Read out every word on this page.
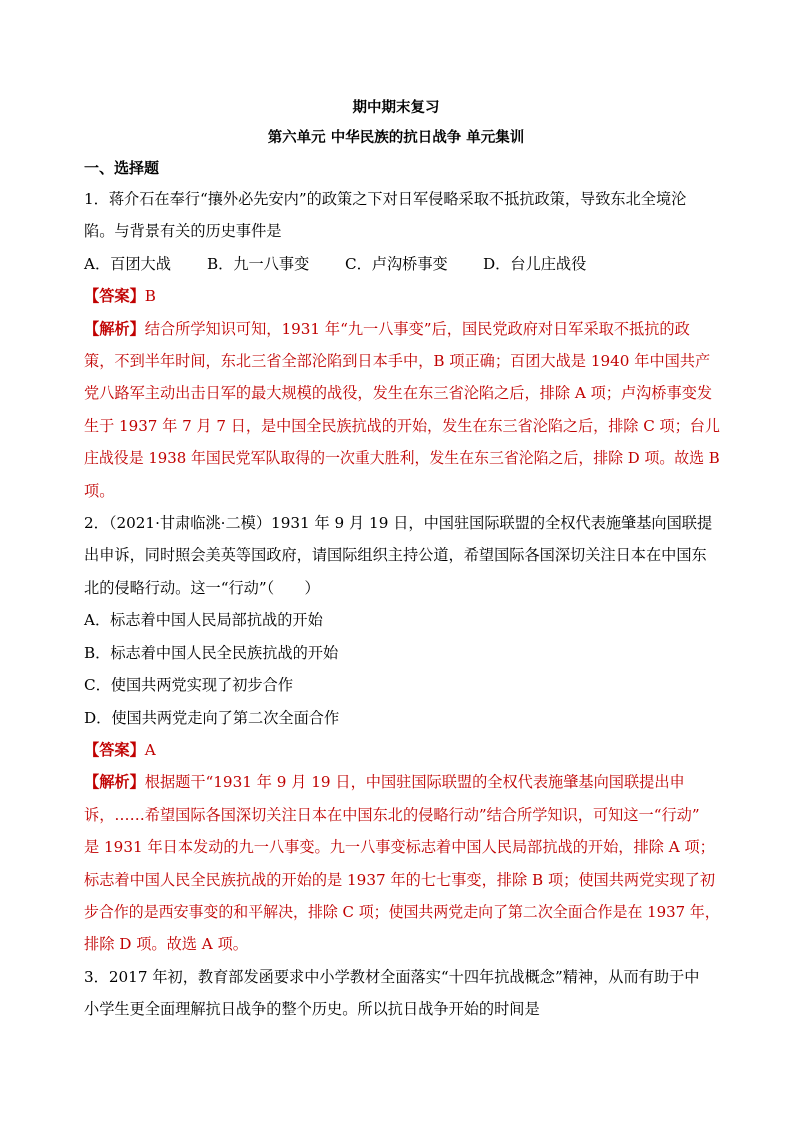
期中期末复习

第六单元 中华民族的抗日战争 单元集训

一、选择题

1．蒋介石在奉行“攘外必先安内”的政策之下对日军侵略采取不抵抗政策，导致东北全境沦

陷。与背景有关的历史事件是

A．百团大战	B．九一八事变	C．卢沟桥事变	D．台儿庄战役

【答案】B

【解析】结合所学知识可知，1931 年“九一八事变”后，国民党政府对日军采取不抵抗的政

策，不到半年时间，东北三省全部沦陷到日本手中，B 项正确；百团大战是 1940 年中国共产

党八路军主动出击日军的最大规模的战役，发生在东三省沦陷之后，排除 A 项；卢沟桥事变发

生于 1937 年 7 月 7 日，是中国全民族抗战的开始，发生在东三省沦陷之后，排除 C 项；台儿

庄战役是 1938 年国民党军队取得的一次重大胜利，发生在东三省沦陷之后，排除 D 项。故选 B

项。

2．（2021·甘肃临洮·二模）1931 年 9 月 19 日，中国驻国际联盟的全权代表施肇基向国联提

出申诉，同时照会美英等国政府，请国际组织主持公道，希望国际各国深切关注日本在中国东

北的侵略行动。这一“行动”（　　）

A．标志着中国人民局部抗战的开始

B．标志着中国人民全民族抗战的开始

C．使国共两党实现了初步合作

D．使国共两党走向了第二次全面合作

【答案】A

【解析】根据题干“1931 年 9 月 19 日，中国驻国际联盟的全权代表施肇基向国联提出申

诉，……希望国际各国深切关注日本在中国东北的侵略行动”结合所学知识，可知这一“行动”

是 1931 年日本发动的九一八事变。九一八事变标志着中国人民局部抗战的开始，排除 A 项；

标志着中国人民全民族抗战的开始的是 1937 年的七七事变，排除 B 项；使国共两党实现了初

步合作的是西安事变的和平解决，排除 C 项；使国共两党走向了第二次全面合作是在 1937 年，

排除 D 项。故选 A 项。

3．2017 年初，教育部发函要求中小学教材全面落实“十四年抗战概念”精神，从而有助于中

小学生更全面理解抗日战争的整个历史。所以抗日战争开始的时间是
